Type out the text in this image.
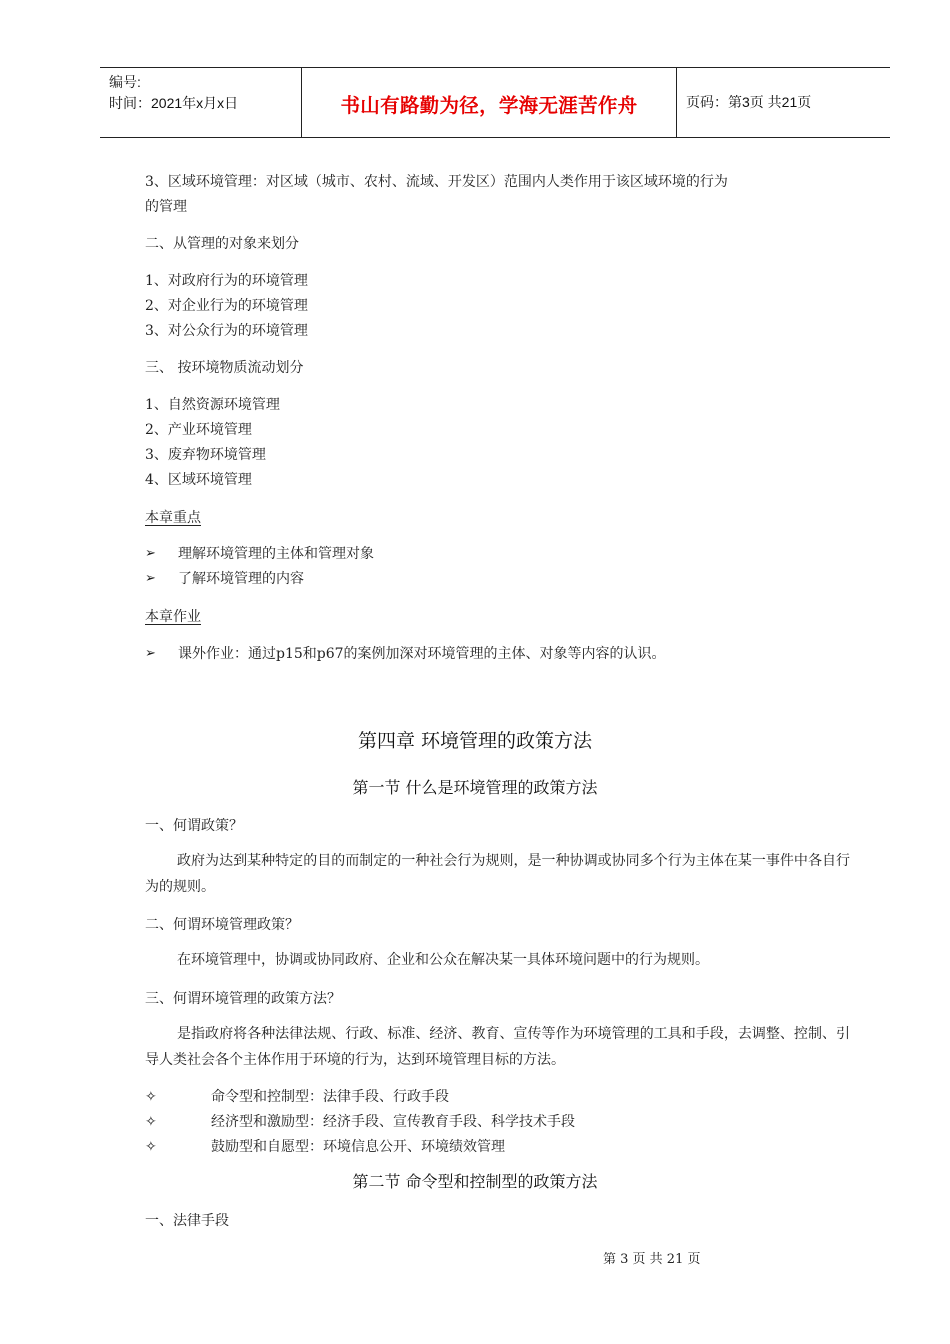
编号:
时间：2021年x月x日	书山有路勤为径，学海无涯苦作舟	页码：第3页 共21页
3、区域环境管理：对区域（城市、农村、流域、开发区）范围内人类作用于该区域环境的行为
的管理
二、从管理的对象来划分
1、对政府行为的环境管理
2、对企业行为的环境管理
3、对公众行为的环境管理
三、 按环境物质流动划分
1、自然资源环境管理
2、产业环境管理
3、废弃物环境管理
4、区域环境管理
本章重点
➢ 理解环境管理的主体和管理对象
➢ 了解环境管理的内容
本章作业
➢ 课外作业：通过p15和p67的案例加深对环境管理的主体、对象等内容的认识。
第四章 环境管理的政策方法
第一节 什么是环境管理的政策方法
一、何谓政策？
政府为达到某种特定的目的而制定的一种社会行为规则，是一种协调或协同多个行为主体在某一事件中各自行为的规则。
二、何谓环境管理政策？
在环境管理中，协调或协同政府、企业和公众在解决某一具体环境问题中的行为规则。
三、何谓环境管理的政策方法？
是指政府将各种法律法规、行政、标准、经济、教育、宣传等作为环境管理的工具和手段，去调整、控制、引导人类社会各个主体作用于环境的行为，达到环境管理目标的方法。
✧	命令型和控制型：法律手段、行政手段
✧	经济型和激励型：经济手段、宣传教育手段、科学技术手段
✧	鼓励型和自愿型：环境信息公开、环境绩效管理
第二节 命令型和控制型的政策方法
一、法律手段
第 3 页 共 21 页
